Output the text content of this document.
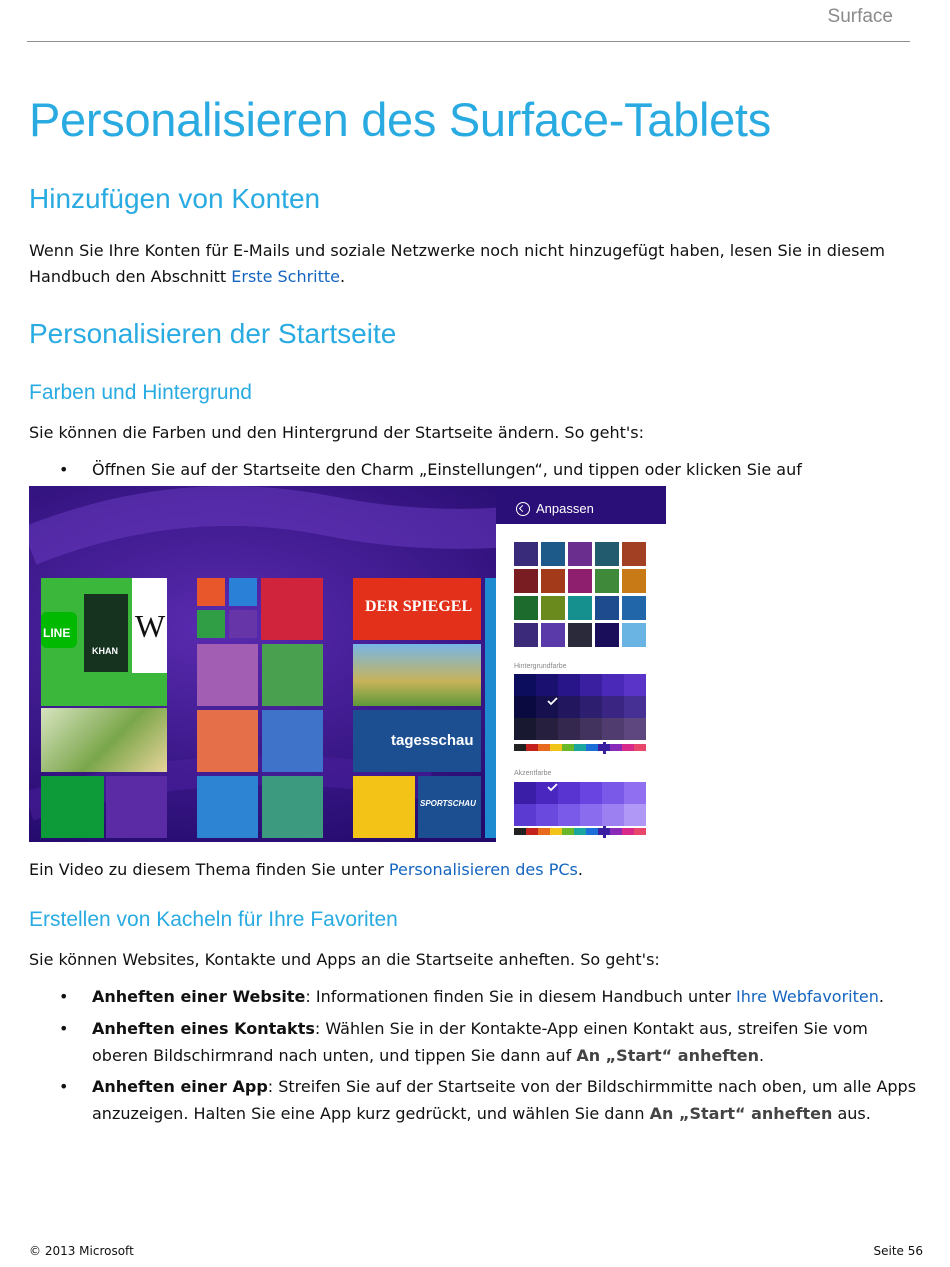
Surface
Personalisieren des Surface-Tablets
Hinzufügen von Konten
Wenn Sie Ihre Konten für E-Mails und soziale Netzwerke noch nicht hinzugefügt haben, lesen Sie in diesem Handbuch den Abschnitt Erste Schritte.
Personalisieren der Startseite
Farben und Hintergrund
Sie können die Farben und den Hintergrund der Startseite ändern. So geht's:
• Öffnen Sie auf der Startseite den Charm „Einstellungen“, und tippen oder klicken Sie auf
LINE
KHAN
W
DER SPIEGEL
tagesschau
SPORTSCHAU
Anpassen
Hintergrundfarbe
Akzentfarbe
Ein Video zu diesem Thema finden Sie unter Personalisieren des PCs.
Erstellen von Kacheln für Ihre Favoriten
Sie können Websites, Kontakte und Apps an die Startseite anheften. So geht's:
• Anheften einer Website: Informationen finden Sie in diesem Handbuch unter Ihre Webfavoriten.
• Anheften eines Kontakts: Wählen Sie in der Kontakte-App einen Kontakt aus, streifen Sie vom oberen Bildschirmrand nach unten, und tippen Sie dann auf An „Start“ anheften.
• Anheften einer App: Streifen Sie auf der Startseite von der Bildschirmmitte nach oben, um alle Apps anzuzeigen. Halten Sie eine App kurz gedrückt, und wählen Sie dann An „Start“ anheften aus.
© 2013 Microsoft	Seite 56
